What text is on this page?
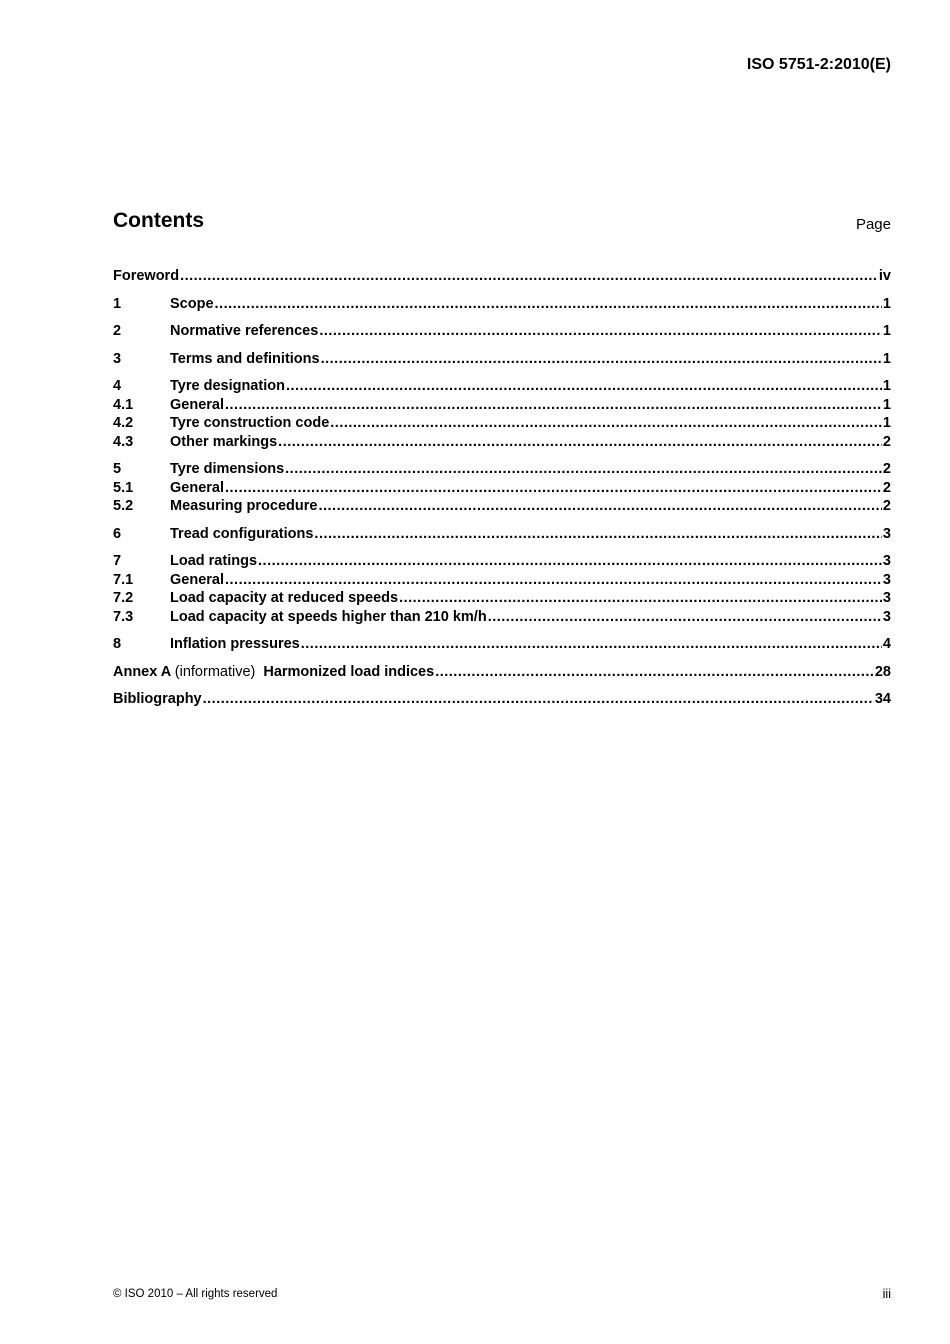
ISO 5751-2:2010(E)
Contents	Page
Foreword .....	iv
1	Scope .....	1
2	Normative references .....	1
3	Terms and definitions .....	1
4	Tyre designation .....	1
4.1	General .....	1
4.2	Tyre construction code .....	1
4.3	Other markings .....	2
5	Tyre dimensions .....	2
5.1	General .....	2
5.2	Measuring procedure .....	2
6	Tread configurations .....	3
7	Load ratings .....	3
7.1	General .....	3
7.2	Load capacity at reduced speeds .....	3
7.3	Load capacity at speeds higher than 210 km/h .....	3
8	Inflation pressures .....	4
Annex A (informative) Harmonized load indices .....	28
Bibliography .....	34
© ISO 2010 – All rights reserved	iii
